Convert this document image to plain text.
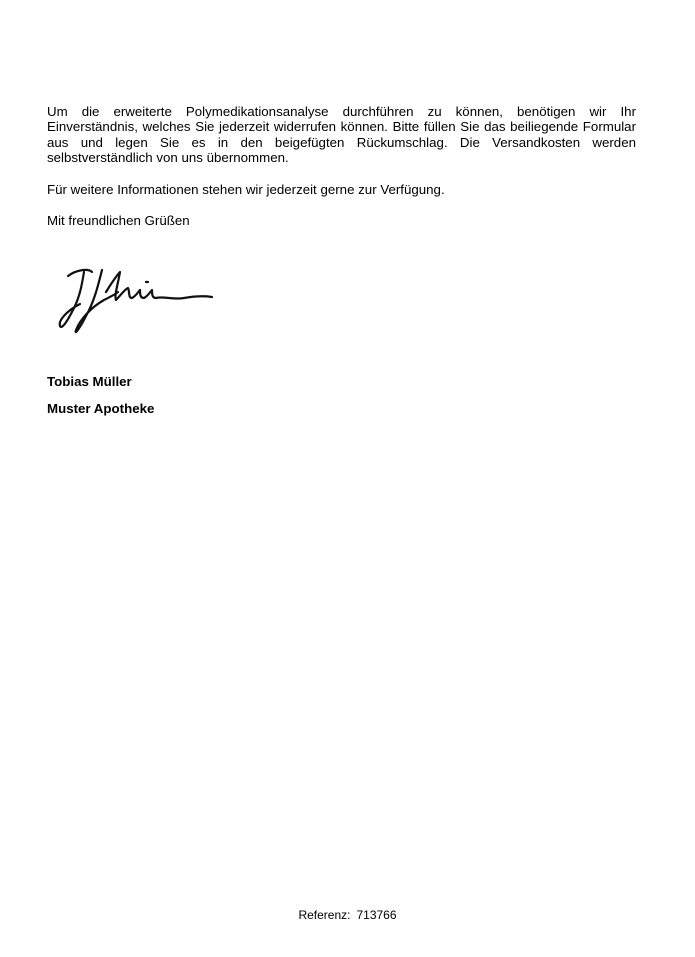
Um die erweiterte Polymedikationsanalyse durchführen zu können, benötigen wir Ihr Einverständnis, welches Sie jederzeit widerrufen können. Bitte füllen Sie das beiliegende Formular aus und legen Sie es in den beigefügten Rückumschlag. Die Versandkosten werden selbstverständlich von uns übernommen.

Für weitere Informationen stehen wir jederzeit gerne zur Verfügung.

Mit freundlichen Grüßen

Tobias Müller

Muster Apotheke

Referenz: 713766
